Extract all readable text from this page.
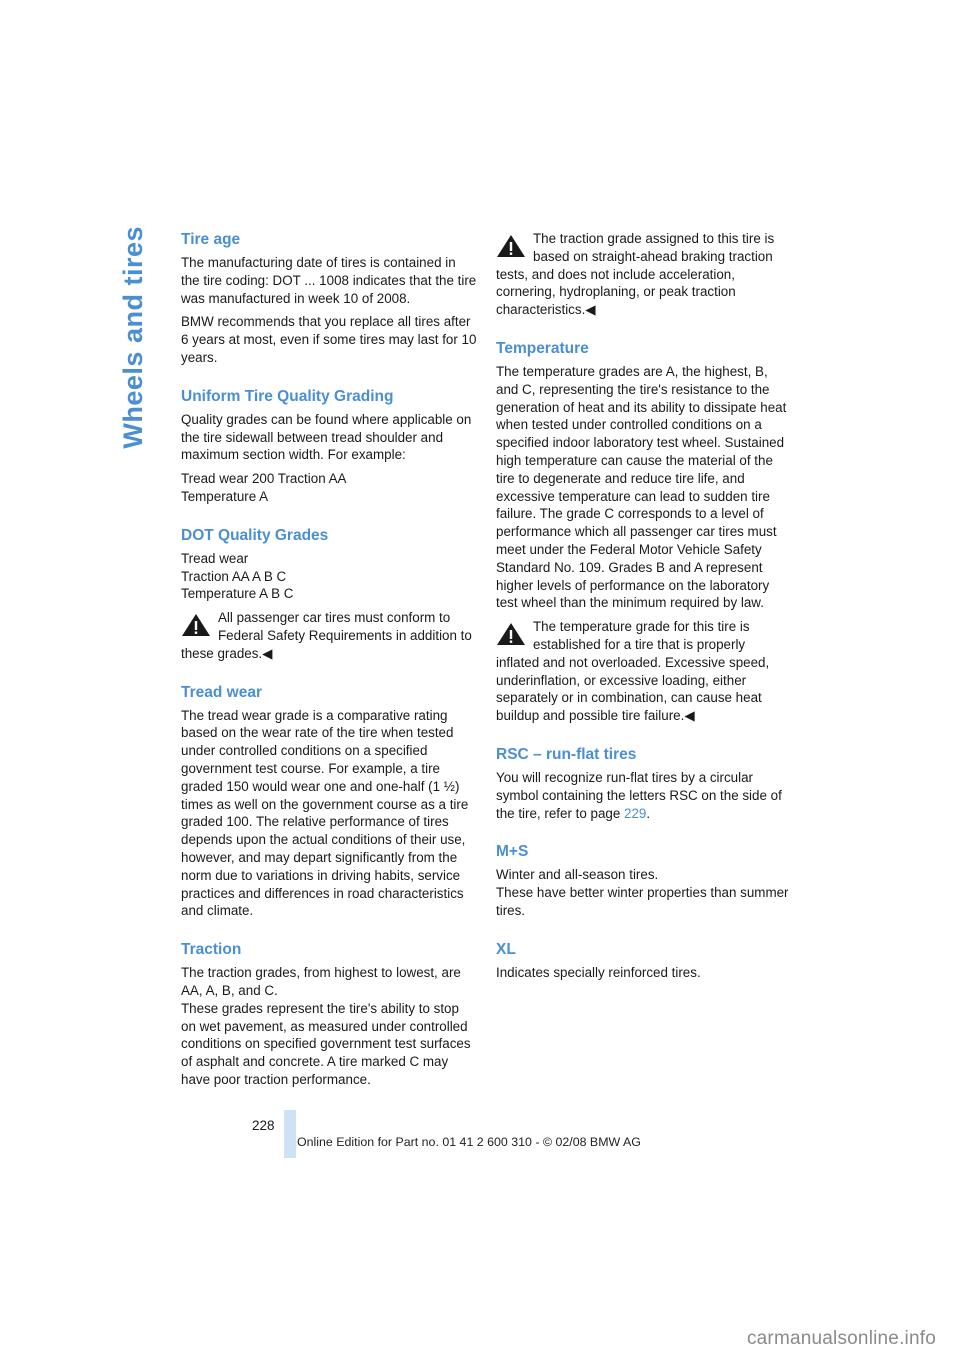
Wheels and tires Tire age

The manufacturing date of tires is contained in the tire coding: DOT ... 1008 indicates that the tire was manufactured in week 10 of 2008.

BMW recommends that you replace all tires after 6 years at most, even if some tires may last for 10 years.

Uniform Tire Quality Grading

Quality grades can be found where applicable on the tire sidewall between tread shoulder and maximum section width. For example:

Tread wear 200 Traction AA
Temperature A

DOT Quality Grades

Tread wear
Traction AA A B C
Temperature A B C

All passenger car tires must conform to Federal Safety Requirements in addition to these grades.◀

Tread wear

The tread wear grade is a comparative rating based on the wear rate of the tire when tested under controlled conditions on a specified government test course. For example, a tire graded 150 would wear one and one-half (1 ½) times as well on the government course as a tire graded 100. The relative performance of tires depends upon the actual conditions of their use, however, and may depart significantly from the norm due to variations in driving habits, service practices and differences in road characteristics and climate.

Traction

The traction grades, from highest to lowest, are AA, A, B, and C.
These grades represent the tire's ability to stop on wet pavement, as measured under controlled conditions on specified government test surfaces of asphalt and concrete. A tire marked C may have poor traction performance.

The traction grade assigned to this tire is based on straight-ahead braking traction tests, and does not include acceleration, cornering, hydroplaning, or peak traction characteristics.◀

Temperature

The temperature grades are A, the highest, B, and C, representing the tire's resistance to the generation of heat and its ability to dissipate heat when tested under controlled conditions on a specified indoor laboratory test wheel. Sustained high temperature can cause the material of the tire to degenerate and reduce tire life, and excessive temperature can lead to sudden tire failure. The grade C corresponds to a level of performance which all passenger car tires must meet under the Federal Motor Vehicle Safety Standard No. 109. Grades B and A represent higher levels of performance on the laboratory test wheel than the minimum required by law.

The temperature grade for this tire is established for a tire that is properly inflated and not overloaded. Excessive speed, underinflation, or excessive loading, either separately or in combination, can cause heat buildup and possible tire failure.◀

RSC – run-flat tires

You will recognize run-flat tires by a circular symbol containing the letters RSC on the side of the tire, refer to page 229.

M+S

Winter and all-season tires.
These have better winter properties than summer tires.

XL

Indicates specially reinforced tires.

228
Online Edition for Part no. 01 41 2 600 310 - © 02/08 BMW AG
carmanualsonline.info
